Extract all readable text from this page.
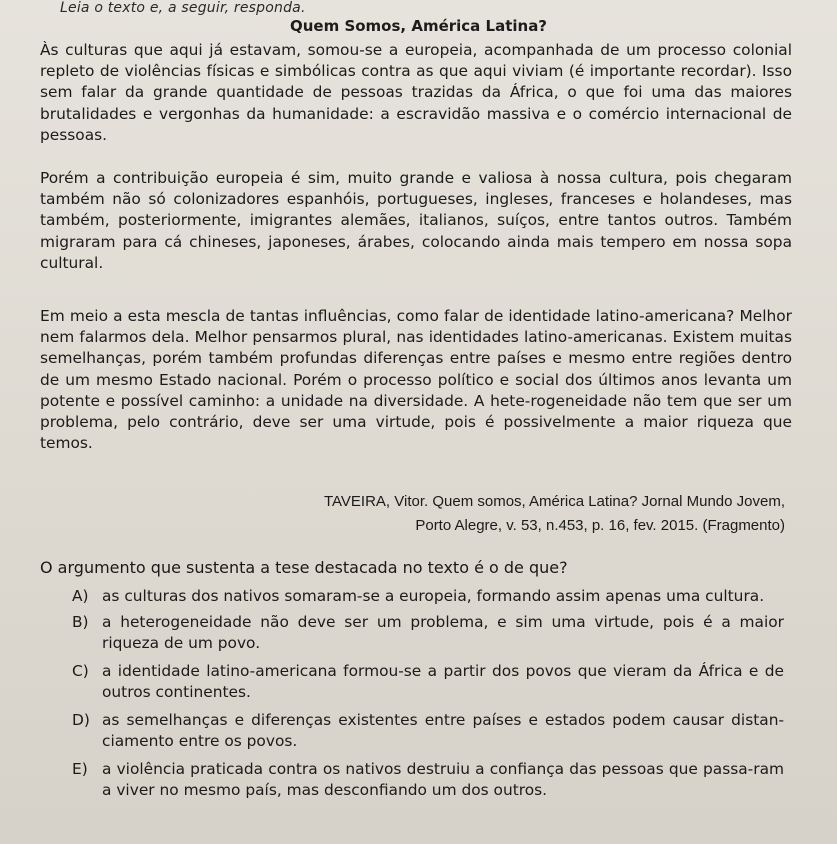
Leia o texto e, a seguir, responda.
Quem Somos, América Latina?
Às culturas que aqui já estavam, somou-se a europeia, acompanhada de um processo colonial repleto de violências físicas e simbólicas contra as que aqui viviam (é importante recordar). Isso sem falar da grande quantidade de pessoas trazidas da África, o que foi uma das maiores brutalidades e vergonhas da humanidade: a escravidão massiva e o comércio internacional de pessoas.
Porém a contribuição europeia é sim, muito grande e valiosa à nossa cultura, pois chegaram também não só colonizadores espanhóis, portugueses, ingleses, franceses e holandeses, mas também, posteriormente, imigrantes alemães, italianos, suíços, entre tantos outros. Também migraram para cá chineses, japoneses, árabes, colocando ainda mais tempero em nossa sopa cultural.
Em meio a esta mescla de tantas influências, como falar de identidade latino-americana? Melhor nem falarmos dela. Melhor pensarmos plural, nas identidades latino-americanas. Existem muitas semelhanças, porém também profundas diferenças entre países e mesmo entre regiões dentro de um mesmo Estado nacional. Porém o processo político e social dos últimos anos levanta um potente e possível caminho: a unidade na diversidade. A hete-rogeneidade não tem que ser um problema, pelo contrário, deve ser uma virtude, pois é possivelmente a maior riqueza que temos.
TAVEIRA, Vitor. Quem somos, América Latina? Jornal Mundo Jovem,
Porto Alegre, v. 53, n.453, p. 16, fev. 2015. (Fragmento)
O argumento que sustenta a tese destacada no texto é o de que?
A) as culturas dos nativos somaram-se a europeia, formando assim apenas uma cultura.
B) a heterogeneidade não deve ser um problema, e sim uma virtude, pois é a maior riqueza de um povo.
C) a identidade latino-americana formou-se a partir dos povos que vieram da África e de outros continentes.
D) as semelhanças e diferenças existentes entre países e estados podem causar distan-ciamento entre os povos.
E) a violência praticada contra os nativos destruiu a confiança das pessoas que passa-ram a viver no mesmo país, mas desconfiando um dos outros.
